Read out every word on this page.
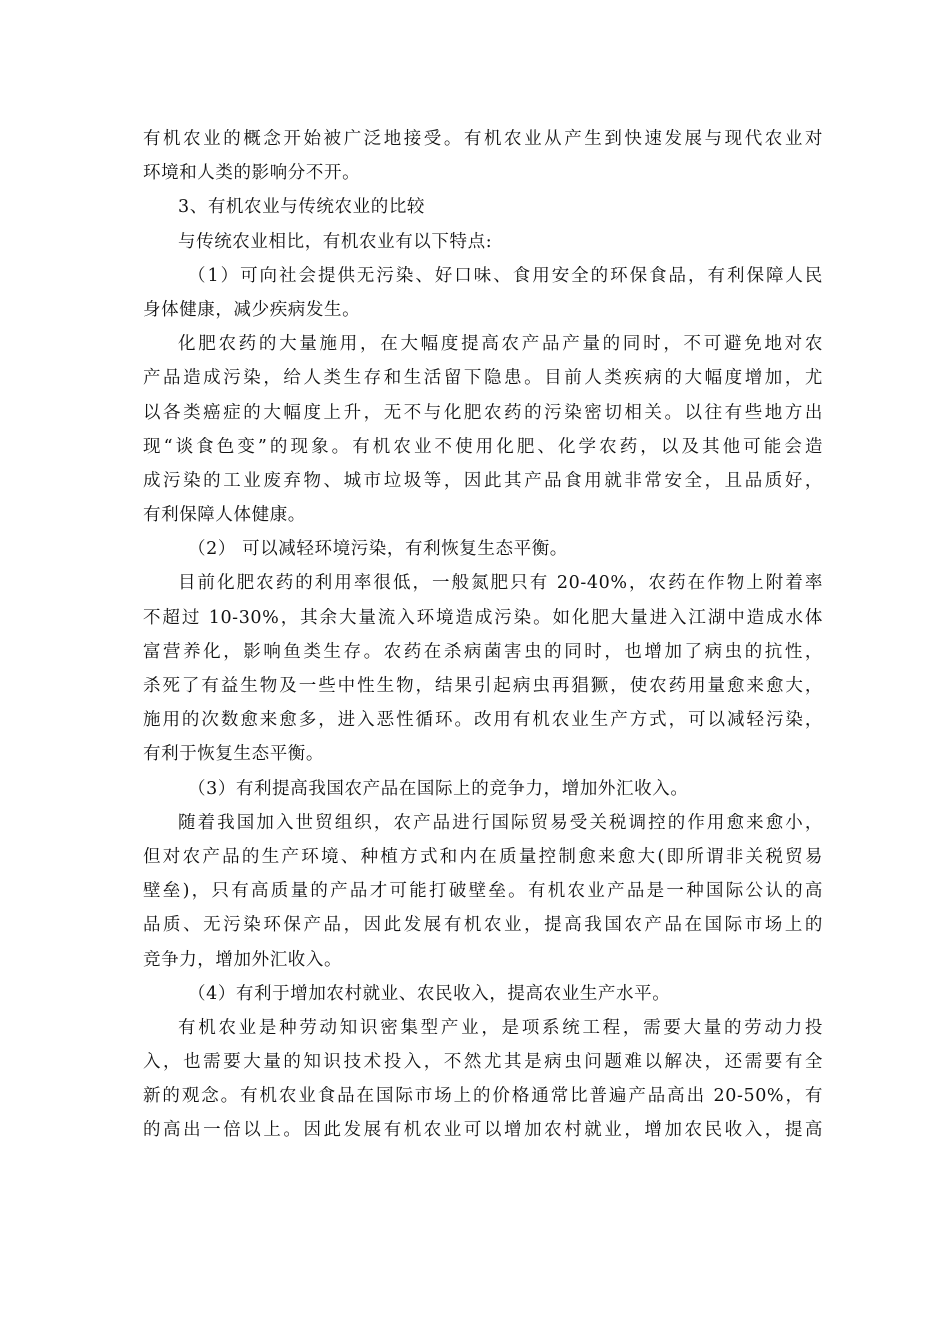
有机农业的概念开始被广泛地接受。有机农业从产生到快速发展与现代农业对
环境和人类的影响分不开。
3、有机农业与传统农业的比较
与传统农业相比，有机农业有以下特点:
（1）可向社会提供无污染、好口味、食用安全的环保食品，有利保障人民
身体健康，减少疾病发生。
化肥农药的大量施用，在大幅度提高农产品产量的同时，不可避免地对农
产品造成污染，给人类生存和生活留下隐患。目前人类疾病的大幅度增加，尤
以各类癌症的大幅度上升，无不与化肥农药的污染密切相关。以往有些地方出
现“谈食色变”的现象。有机农业不使用化肥、化学农药，以及其他可能会造
成污染的工业废弃物、城市垃圾等，因此其产品食用就非常安全，且品质好，
有利保障人体健康。
（2） 可以减轻环境污染，有利恢复生态平衡。
目前化肥农药的利用率很低，一般氮肥只有 20-40%，农药在作物上附着率
不超过 10-30%，其余大量流入环境造成污染。如化肥大量进入江湖中造成水体
富营养化，影响鱼类生存。农药在杀病菌害虫的同时，也增加了病虫的抗性，
杀死了有益生物及一些中性生物，结果引起病虫再猖獗，使农药用量愈来愈大，
施用的次数愈来愈多，进入恶性循环。改用有机农业生产方式，可以减轻污染，
有利于恢复生态平衡。
（3）有利提高我国农产品在国际上的竞争力，增加外汇收入。
随着我国加入世贸组织，农产品进行国际贸易受关税调控的作用愈来愈小，
但对农产品的生产环境、种植方式和内在质量控制愈来愈大(即所谓非关税贸易
壁垒)，只有高质量的产品才可能打破壁垒。有机农业产品是一种国际公认的高
品质、无污染环保产品，因此发展有机农业，提高我国农产品在国际市场上的
竞争力，增加外汇收入。
（4）有利于增加农村就业、农民收入，提高农业生产水平。
有机农业是种劳动知识密集型产业，是项系统工程，需要大量的劳动力投
入，也需要大量的知识技术投入，不然尤其是病虫问题难以解决，还需要有全
新的观念。有机农业食品在国际市场上的价格通常比普遍产品高出 20-50%，有
的高出一倍以上。因此发展有机农业可以增加农村就业，增加农民收入，提高
